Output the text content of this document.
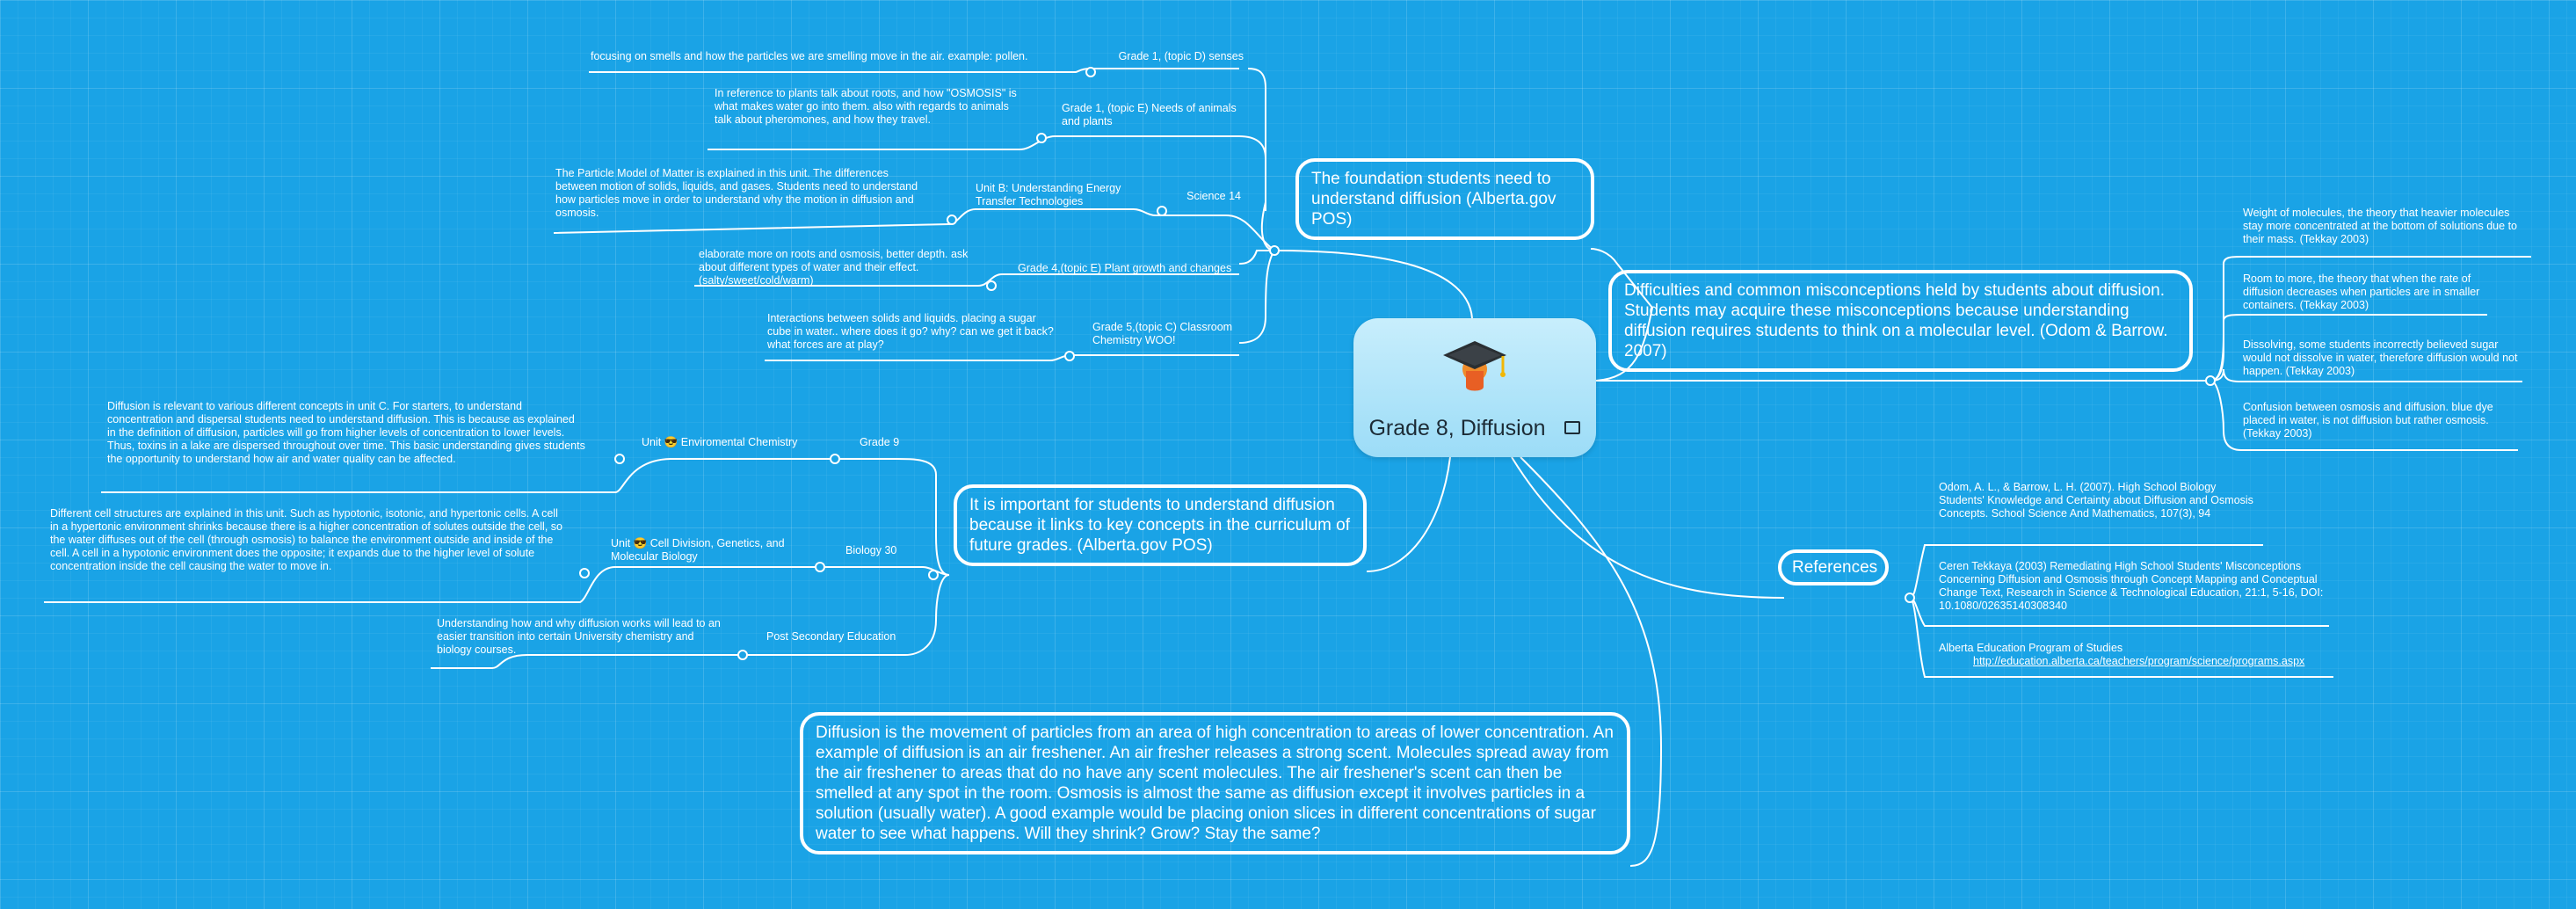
Grade 8, Diffusion
The foundation students need to understand diffusion (Alberta.gov POS)
Grade 1, (topic D) senses
focusing on smells and how the particles we are smelling move in the air. example: pollen.
Grade 1, (topic E) Needs of animals and plants
In reference to plants talk about roots, and how "OSMOSIS" is what makes water go into them. also with regards to animals talk about pheromones, and how they travel.
Science 14
Unit B: Understanding Energy Transfer Technologies
The Particle Model of Matter is explained in this unit. The differences between motion of solids, liquids, and gases. Students need to understand how particles move in order to understand why the motion in diffusion and osmosis.
Grade 4,(topic E) Plant growth and changes
elaborate more on roots and osmosis, better depth. ask about different types of water and their effect. (salty/sweet/cold/warm)
Grade 5,(topic C) Classroom Chemistry WOO!
Interactions between solids and liquids. placing a sugar cube in water.. where does it go? why? can we get it back? what forces are at play?
It is important for students to understand diffusion because it links to key concepts in the curriculum of future grades. (Alberta.gov POS)
Grade 9
Unit 😎 Enviromental Chemistry
Diffusion is relevant to various different concepts in unit C. For starters, to understand concentration and dispersal students need to understand diffusion. This is because as explained in the definition of diffusion, particles will go from higher levels of concentration to lower levels. Thus, toxins in a lake are dispersed throughout over time. This basic understanding gives students the opportunity to understand how air and water quality can be affected.
Biology 30
Unit 😎 Cell Division, Genetics, and Molecular Biology
Different cell structures are explained in this unit. Such as hypotonic, isotonic, and hypertonic cells. A cell in a hypertonic environment shrinks because there is a higher concentration of solutes outside the cell, so the water diffuses out of the cell (through osmosis) to balance the environment outside and inside of the cell. A cell in a hypotonic environment does the opposite; it expands due to the higher level of solute concentration inside the cell causing the water to move in.
Post Secondary Education
Understanding how and why diffusion works will lead to an easier transition into certain University chemistry and biology courses.
Diffusion is the movement of particles from an area of high concentration to areas of lower concentration. An example of diffusion is an air freshener. An air fresher releases a strong scent. Molecules spread away from the air freshener to areas that do no have any scent molecules. The air freshener's scent can then be smelled at any spot in the room. Osmosis is almost the same as diffusion except it involves particles in a solution (usually water). A good example would be placing onion slices in different concentrations of sugar water to see what happens. Will they shrink? Grow? Stay the same?
Difficulties and common misconceptions held by students about diffusion. Students may acquire these misconceptions because understanding diffusion requires students to think on a molecular level. (Odom & Barrow. 2007)
Weight of molecules, the theory that heavier molecules stay more concentrated at the bottom of solutions due to their mass. (Tekkay 2003)
Room to more, the theory that when the rate of diffusion decreases when particles are in smaller containers. (Tekkay 2003)
Dissolving, some students incorrectly believed sugar would not dissolve in water, therefore diffusion would not happen. (Tekkay 2003)
Confusion between osmosis and diffusion. blue dye placed in water, is not diffusion but rather osmosis. (Tekkay 2003)
References
Odom, A. L., & Barrow, L. H. (2007). High School Biology Students' Knowledge and Certainty about Diffusion and Osmosis Concepts. School Science And Mathematics, 107(3), 94
Ceren Tekkaya (2003) Remediating High School Students' Misconceptions Concerning Diffusion and Osmosis through Concept Mapping and Conceptual Change Text, Research in Science & Technological Education, 21:1, 5-16, DOI: 10.1080/02635140308340
Alberta Education Program of Studies
http://education.alberta.ca/teachers/program/science/programs.aspx
